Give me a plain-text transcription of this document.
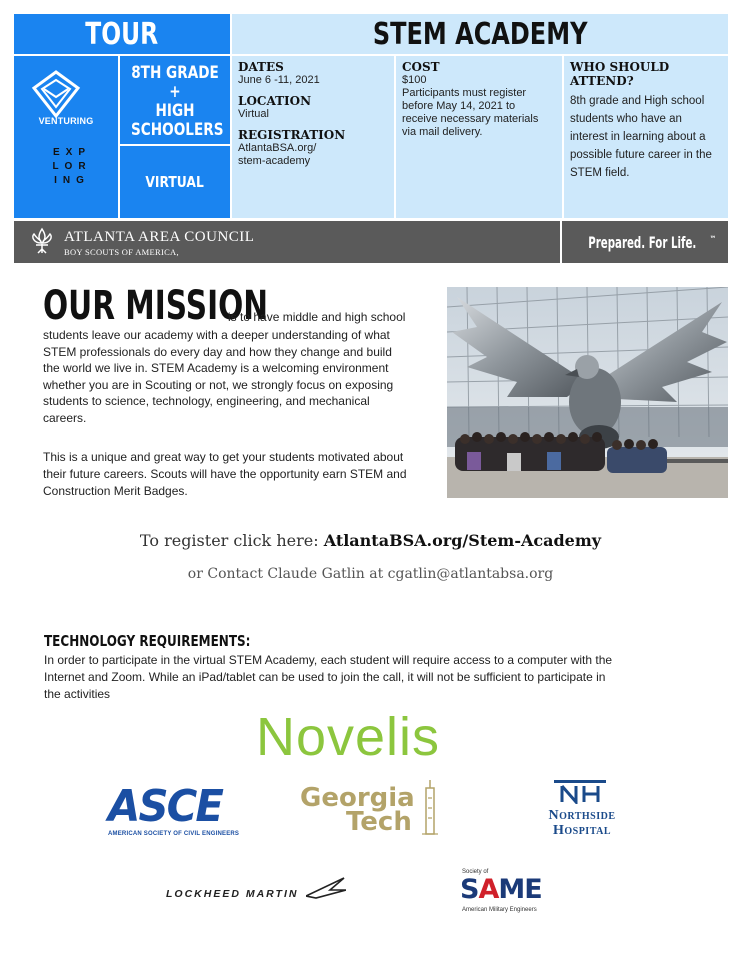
TOUR	STEM ACADEMY
VENTURING
E X P
L O R
I N G
8TH GRADE
+
HIGH
SCHOOLERS
VIRTUAL
DATES
June 6 -11, 2021
LOCATION
Virtual
REGISTRATION
AtlantaBSA.org/
stem-academy
COST
$100
Participants must register
before May 14, 2021 to
receive necessary materials
via mail delivery.
WHO SHOULD ATTEND?
8th grade and High school
students who have an
interest in learning about a
possible future career in the
STEM field.
ATLANTA AREA COUNCIL
BOY SCOUTS OF AMERICA,
Prepared. For Life. ™
OUR MISSION
is to have middle and high school
students leave our academy with a deeper understanding of what
STEM professionals do every day and how they change and build
the world we live in. STEM Academy is a welcoming environment
whether you are in Scouting or not, we strongly focus on exposing
students to science, technology, engineering, and mechanical
careers.
This is a unique and great way to get your students motivated about
their future careers. Scouts will have the opportunity earn STEM and
Construction Merit Badges.
To register click here: AtlantaBSA.org/Stem-Academy
or Contact Claude Gatlin at cgatlin@atlantabsa.org
TECHNOLOGY REQUIREMENTS:
In order to participate in the virtual STEM Academy, each student will require access to a computer with the
Internet and Zoom. While an iPad/tablet can be used to join the call, it will not be sufficient to participate in
the activities
Novelis
ASCE
AMERICAN SOCIETY OF CIVIL ENGINEERS
Georgia
Tech	Northside
Hospital
LOCKHEED MARTIN
Society of
SAME
American Military Engineers
